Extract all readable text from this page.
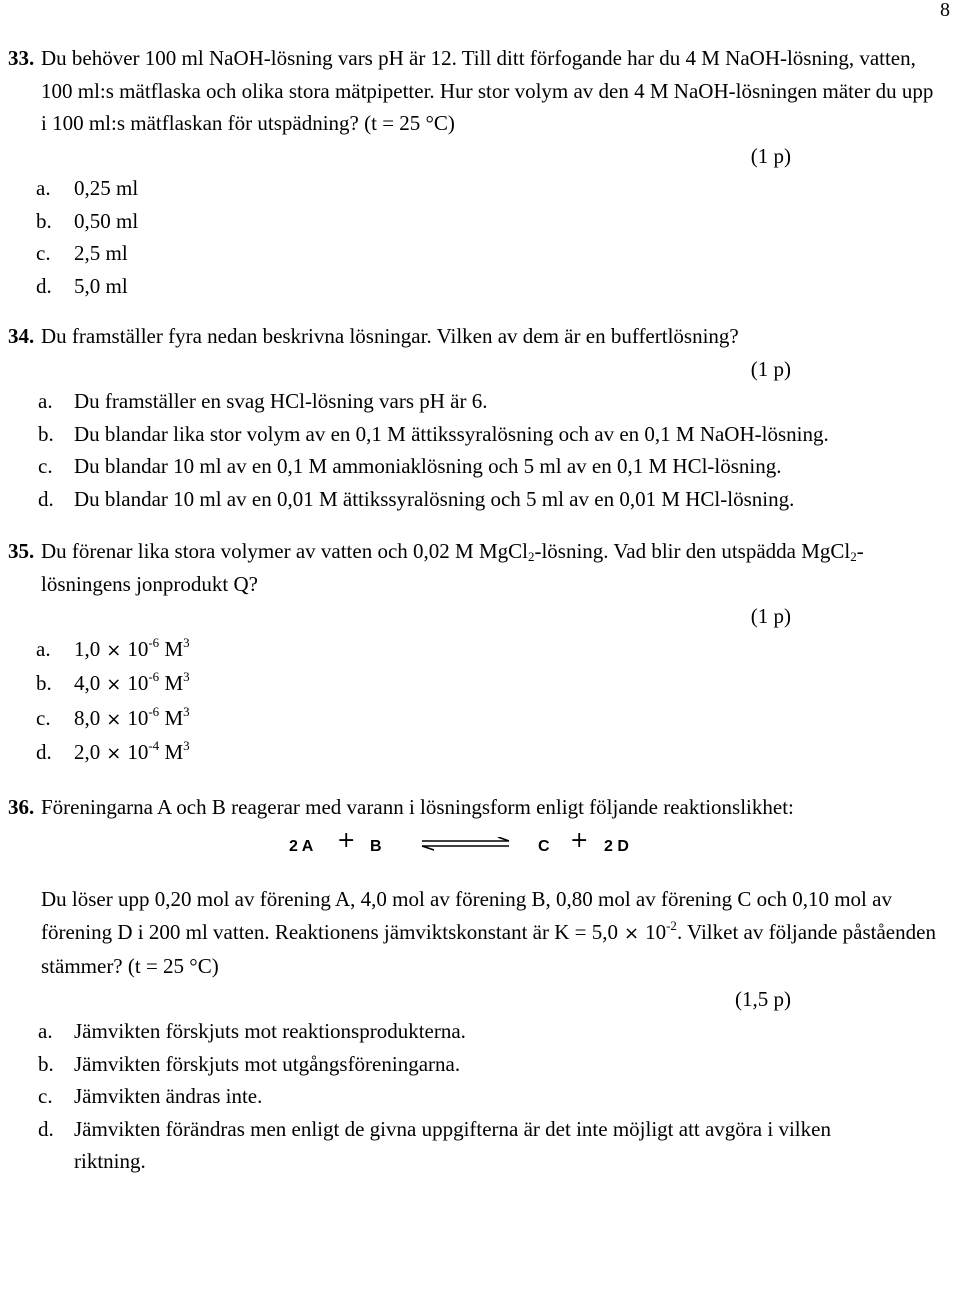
8
33. Du behöver 100 ml NaOH-lösning vars pH är 12. Till ditt förfogande har du 4 M NaOH-lösning, vatten, 100 ml:s mätflaska och olika stora mätpipetter. Hur stor volym av den 4 M NaOH-lösningen mäter du upp i 100 ml:s mätflaskan för utspädning? (t = 25 °C)
(1 p)
a. 0,25 ml
b. 0,50 ml
c. 2,5 ml
d. 5,0 ml
34. Du framställer fyra nedan beskrivna lösningar. Vilken av dem är en buffertlösning?
(1 p)
a. Du framställer en svag HCl-lösning vars pH är 6.
b. Du blandar lika stor volym av en 0,1 M ättikssyralösning och av en 0,1 M NaOH-lösning.
c. Du blandar 10 ml av en 0,1 M ammoniaklösning och 5 ml av en 0,1 M HCl-lösning.
d. Du blandar 10 ml av en 0,01 M ättikssyralösning och 5 ml av en 0,01 M HCl-lösning.
35. Du förenar lika stora volymer av vatten och 0,02 M MgCl$_2$-lösning. Vad blir den utspädda MgCl$_2$-lösningens jonprodukt Q?
(1 p)
a. $1,0 \times 10^{-6}$ $M^3$
b. $4,0 \times 10^{-6}$ $M^3$
c. $8,0 \times 10^{-6}$ $M^3$
d. $2,0 \times 10^{-4}$ $M^3$
36. Föreningarna A och B reagerar med varann i lösningsform enligt följande reaktionslikhet:
2 A + B	C + 2 D
Du löser upp 0,20 mol av förening A, 4,0 mol av förening B, 0,80 mol av förening C och 0,10 mol av förening D i 200 ml vatten. Reaktionens jämviktskonstant är $K = 5,0 \times 10^{-2}$. Vilket av följande påståenden stämmer? (t = 25 °C)
(1,5 p)
a. Jämvikten förskjuts mot reaktionsprodukterna.
b. Jämvikten förskjuts mot utgångsföreningarna.
c. Jämvikten ändras inte.
d. Jämvikten förändras men enligt de givna uppgifterna är det inte möjligt att avgöra i vilken riktning.
